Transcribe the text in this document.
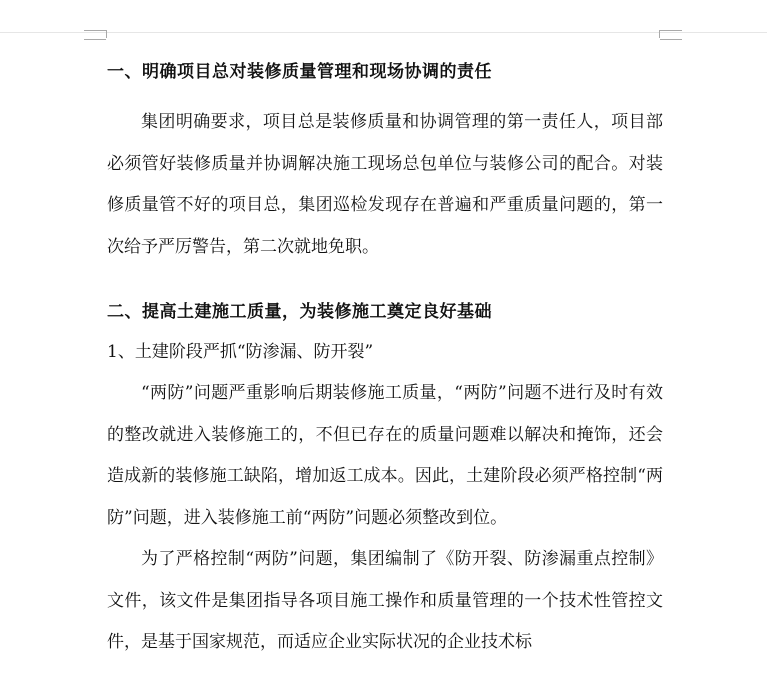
一、明确项目总对装修质量管理和现场协调的责任

集团明确要求，项目总是装修质量和协调管理的第一责任人，项目部必须管好装修质量并协调解决施工现场总包单位与装修公司的配合。对装修质量管不好的项目总，集团巡检发现存在普遍和严重质量问题的，第一次给予严厉警告，第二次就地免职。

二、提高土建施工质量，为装修施工奠定良好基础

1、土建阶段严抓“防渗漏、防开裂”

“两防”问题严重影响后期装修施工质量，“两防”问题不进行及时有效的整改就进入装修施工的，不但已存在的质量问题难以解决和掩饰，还会造成新的装修施工缺陷，增加返工成本。因此，土建阶段必须严格控制“两防”问题，进入装修施工前“两防”问题必须整改到位。

为了严格控制“两防”问题，集团编制了《防开裂、防渗漏重点控制》文件，该文件是集团指导各项目施工操作和质量管理的一个技术性管控文件，是基于国家规范，而适应企业实际状况的企业技术标
